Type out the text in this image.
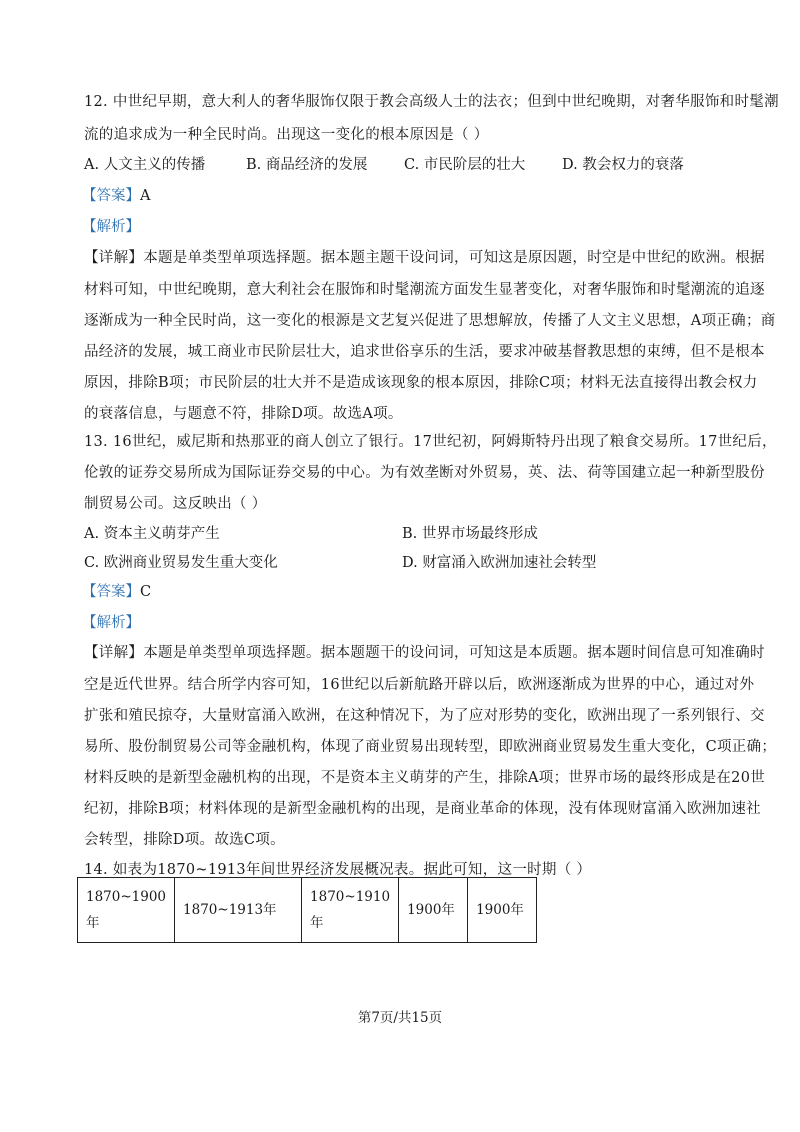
12. 中世纪早期，意大利人的奢华服饰仅限于教会高级人士的法衣；但到中世纪晚期，对奢华服饰和时髦潮
流的追求成为一种全民时尚。出现这一变化的根本原因是（ ）
A. 人文主义的传播	B. 商品经济的发展	C. 市民阶层的壮大	D. 教会权力的衰落
【答案】A
【解析】
【详解】本题是单类型单项选择题。据本题主题干设问词，可知这是原因题，时空是中世纪的欧洲。根据
材料可知，中世纪晚期，意大利社会在服饰和时髦潮流方面发生显著变化，对奢华服饰和时髦潮流的追逐
逐渐成为一种全民时尚，这一变化的根源是文艺复兴促进了思想解放，传播了人文主义思想，A项正确；商
品经济的发展，城工商业市民阶层壮大，追求世俗享乐的生活，要求冲破基督教思想的束缚，但不是根本
原因，排除B项；市民阶层的壮大并不是造成该现象的根本原因，排除C项；材料无法直接得出教会权力
的衰落信息，与题意不符，排除D项。故选A项。
13. 16世纪，威尼斯和热那亚的商人创立了银行。17世纪初，阿姆斯特丹出现了粮食交易所。17世纪后，
伦敦的证券交易所成为国际证券交易的中心。为有效垄断对外贸易，英、法、荷等国建立起一种新型股份
制贸易公司。这反映出（ ）
A. 资本主义萌芽产生	B. 世界市场最终形成
C. 欧洲商业贸易发生重大变化	D. 财富涌入欧洲加速社会转型
【答案】C
【解析】
【详解】本题是单类型单项选择题。据本题题干的设问词，可知这是本质题。据本题时间信息可知准确时
空是近代世界。结合所学内容可知，16世纪以后新航路开辟以后，欧洲逐渐成为世界的中心，通过对外
扩张和殖民掠夺，大量财富涌入欧洲，在这种情况下，为了应对形势的变化，欧洲出现了一系列银行、交
易所、股份制贸易公司等金融机构，体现了商业贸易出现转型，即欧洲商业贸易发生重大变化，C项正确；
材料反映的是新型金融机构的出现，不是资本主义萌芽的产生，排除A项；世界市场的最终形成是在20世
纪初，排除B项；材料体现的是新型金融机构的出现，是商业革命的体现，没有体现财富涌入欧洲加速社
会转型，排除D项。故选C项。
14. 如表为1870~1913年间世界经济发展概况表。据此可知，这一时期（ ）
1870~1900年	1870~1913年	1870~1910年	1900年	1900年
第7页/共15页
